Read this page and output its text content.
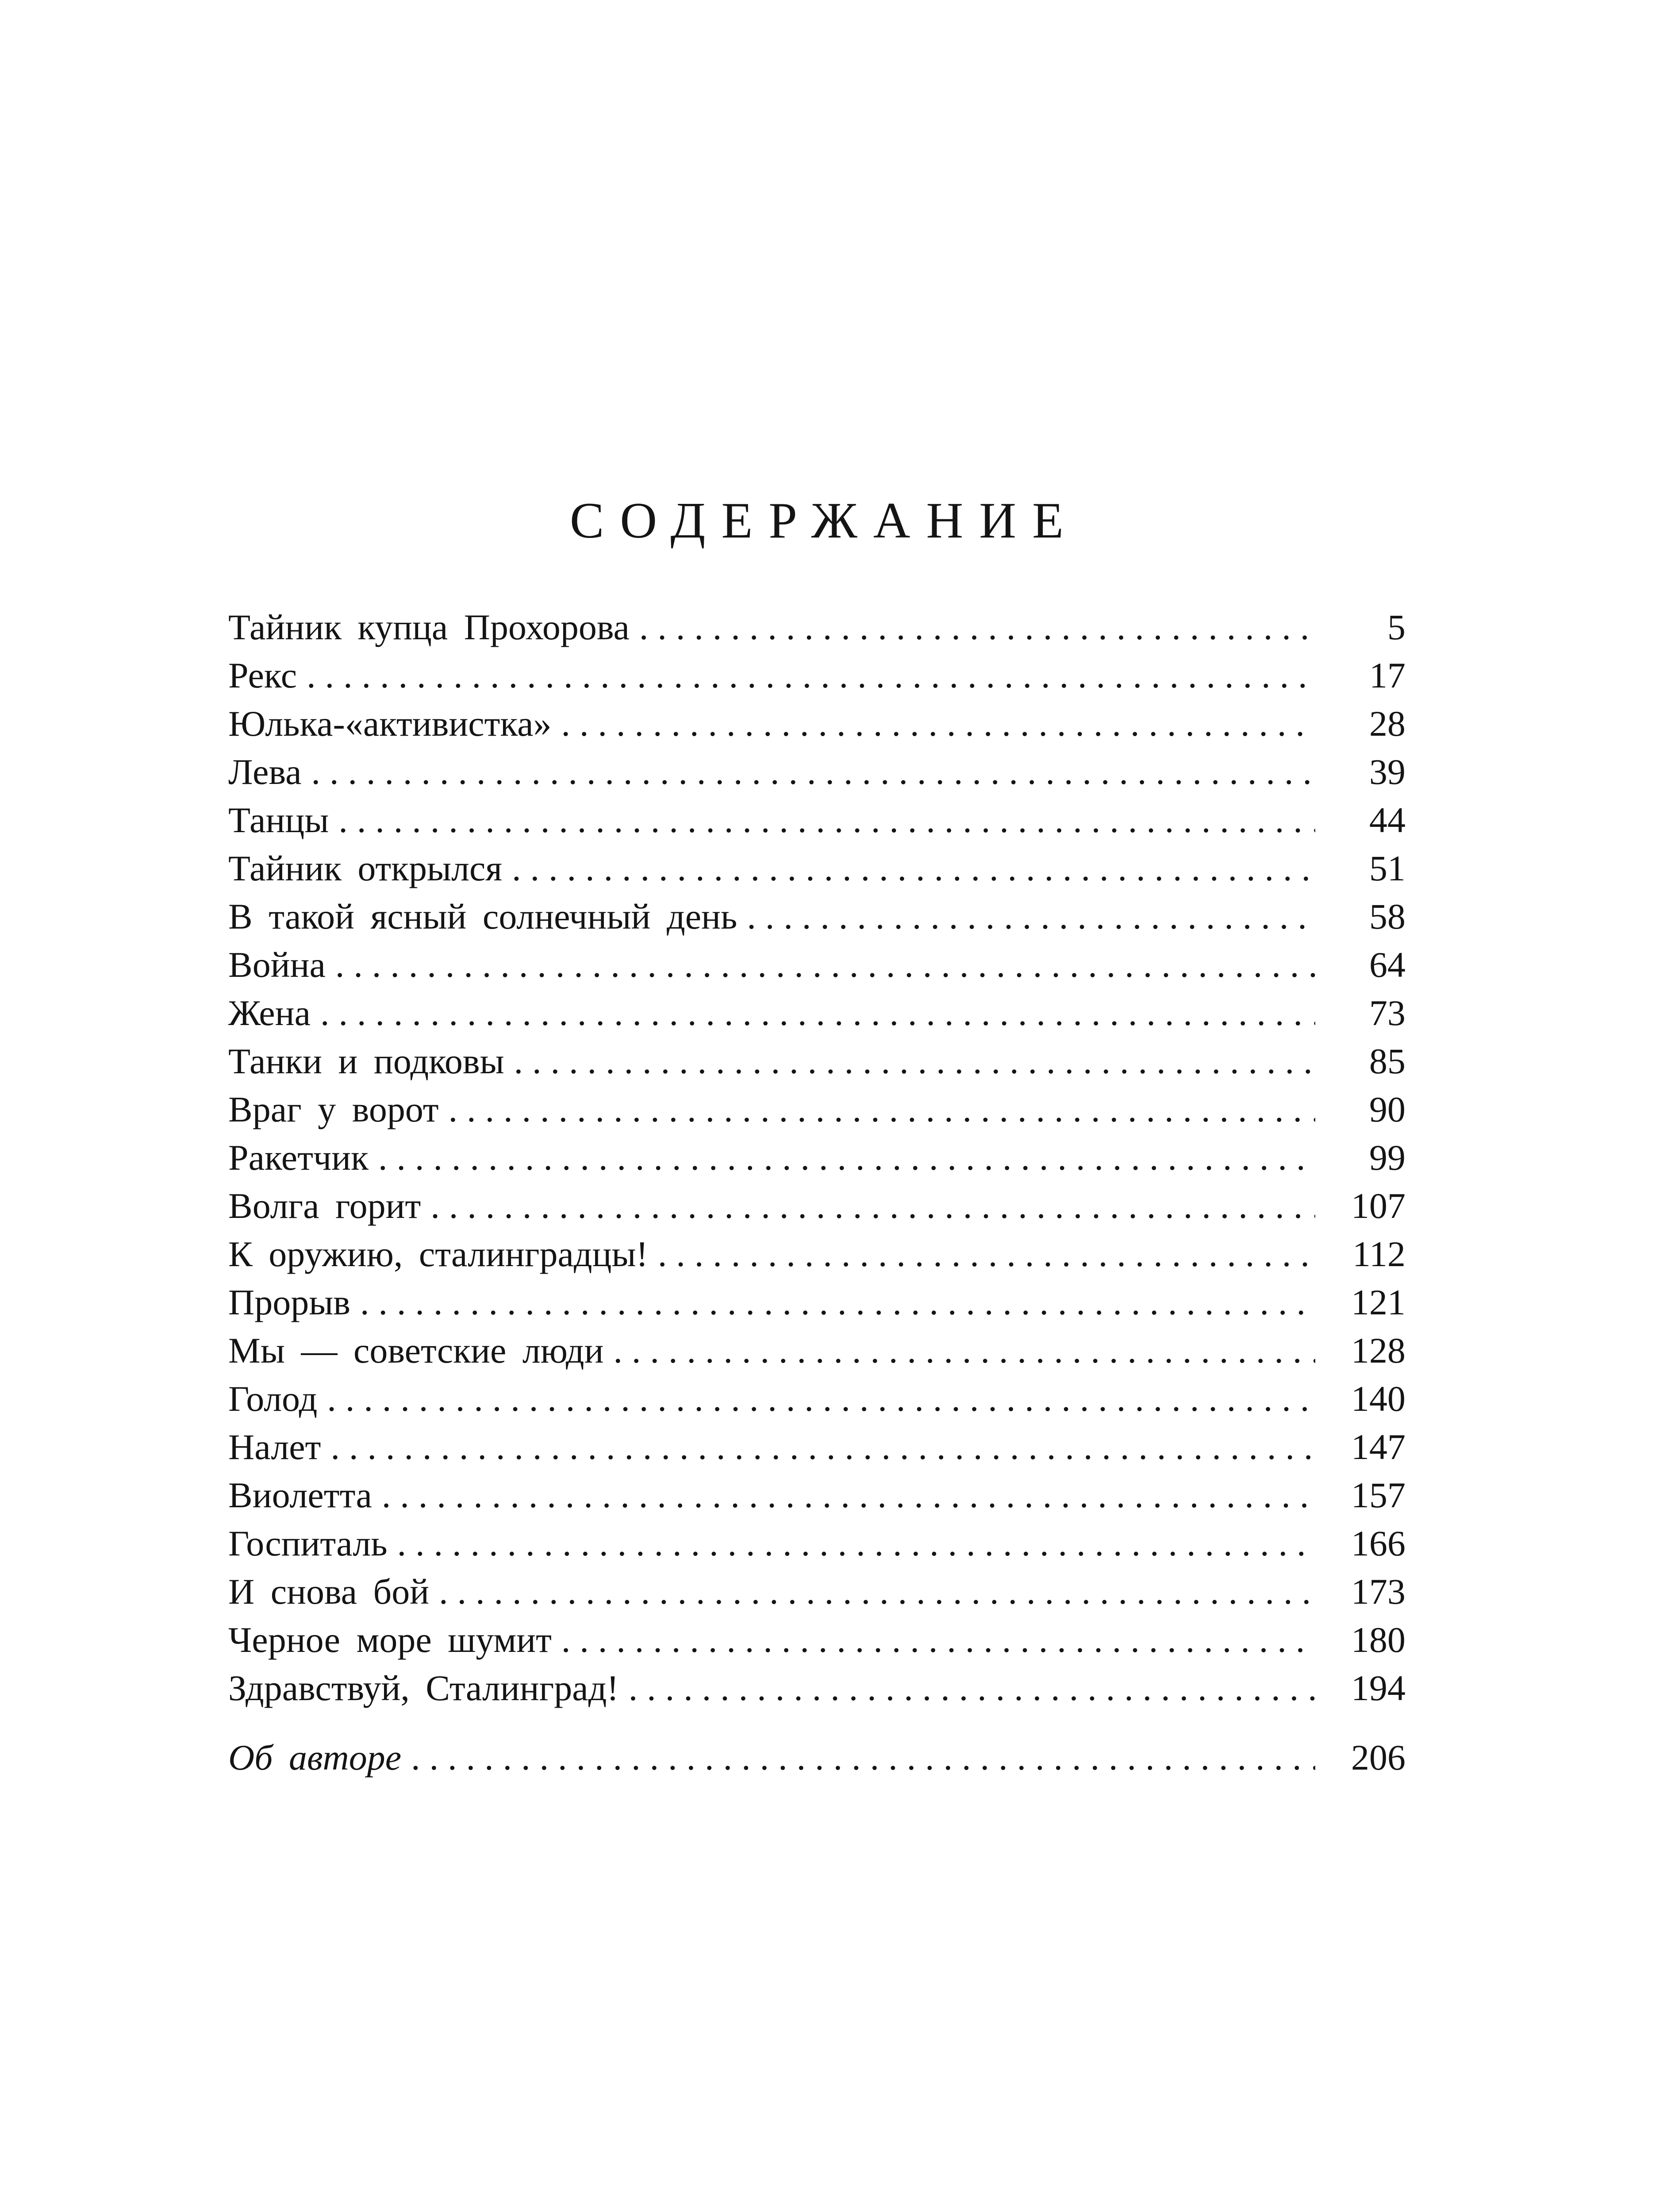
СОДЕРЖАНИЕ
Тайник купца Прохорова .....	5
Рекс .....	17
Юлька-«активистка» .....	28
Лева .....	39
Танцы .....	44
Тайник открылся .....	51
В такой ясный солнечный день .....	58
Война .....	64
Жена .....	73
Танки и подковы .....	85
Враг у ворот .....	90
Ракетчик .....	99
Волга горит .....	107
К оружию, сталинградцы! .....	112
Прорыв .....	121
Мы — советские люди .....	128
Голод .....	140
Налет .....	147
Виолетта .....	157
Госпиталь .....	166
И снова бой .....	173
Черное море шумит .....	180
Здравствуй, Сталинград! .....	194
Об авторе .....	206
